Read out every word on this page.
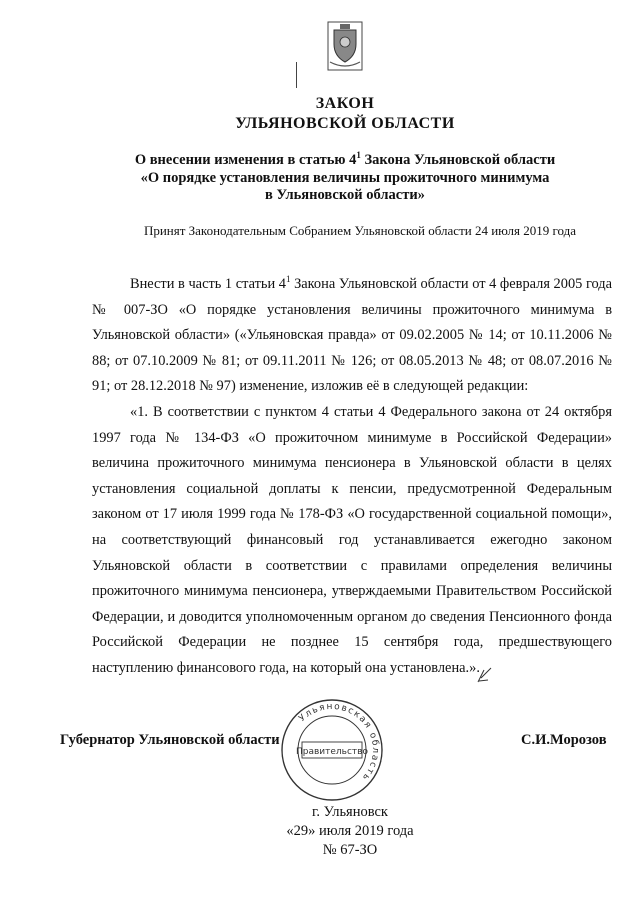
ЗАКОН
УЛЬЯНОВСКОЙ ОБЛАСТИ
О внесении изменения в статью $4^1$ Закона Ульяновской области
«О порядке установления величины прожиточного минимума
в Ульяновской области»
Принят Законодательным Собранием Ульяновской области 24 июля 2019 года

Внести в часть 1 статьи $4^1$ Закона Ульяновской области от 4 февраля 2005 года № 007-ЗО «О порядке установления величины прожиточного минимума в Ульяновской области» («Ульяновская правда» от 09.02.2005 № 14; от 10.11.2006 № 88; от 07.10.2009 № 81; от 09.11.2011 № 126; от 08.05.2013 № 48; от 08.07.2016 № 91; от 28.12.2018 № 97) изменение, изложив её в следующей редакции:

«1. В соответствии с пунктом 4 статьи 4 Федерального закона от 24 октября 1997 года № 134-ФЗ «О прожиточном минимуме в Российской Федерации» величина прожиточного минимума пенсионера в Ульяновской области в целях установления социальной доплаты к пенсии, предусмотренной Федеральным законом от 17 июля 1999 года № 178-ФЗ «О государственной социальной помощи», на соответствующий финансовый год устанавливается ежегодно законом Ульяновской области в соответствии с правилами определения величины прожиточного минимума пенсионера, утверждаемыми Правительством Российской Федерации, и доводится уполномоченным органом до сведения Пенсионного фонда Российской Федерации не позднее 15 сентября года, предшествующего наступлению финансового года, на который она установлена.».

Губернатор Ульяновской области	С.И.Морозов
Ульяновская область
Правительство
г. Ульяновск
«29» июля 2019 года
№ 67-ЗО
